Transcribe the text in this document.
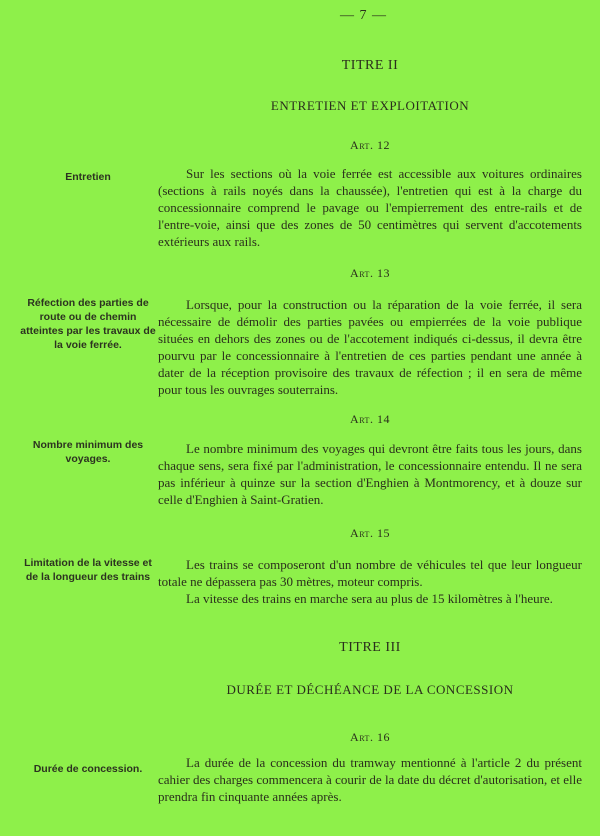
— 7 —
TITRE II
ENTRETIEN ET EXPLOITATION
Art. 12
Entretien	Sur les sections où la voie ferrée est accessible aux voitures ordinaires (sections à rails noyés dans la chaussée), l'entretien qui est à la charge du concessionnaire comprend le pavage ou l'empierrement des entre-rails et de l'entre-voie, ainsi que des zones de 50 centimètres qui servent d'accotements extérieurs aux rails.

Art. 13
Réfection des parties de route ou de chemin atteintes par les travaux de la voie ferrée.

Lorsque, pour la construction ou la réparation de la voie ferrée, il sera nécessaire de démolir des parties pavées ou empierrées de la voie publique situées en dehors des zones ou de l'accotement indiqués ci-dessus, il devra être pourvu par le concessionnaire à l'entretien de ces parties pendant une année à dater de la réception provisoire des travaux de réfection ; il en sera de même pour tous les ouvrages souterrains.

Art. 14
Nombre minimum des voyages.

Le nombre minimum des voyages qui devront être faits tous les jours, dans chaque sens, sera fixé par l'administration, le concessionnaire entendu. Il ne sera pas inférieur à quinze sur la section d'Enghien à Montmorency, et à douze sur celle d'Enghien à Saint-Gratien.

Art. 15
Limitation de la vitesse et de la longueur des trains

Les trains se composeront d'un nombre de véhicules tel que leur longueur totale ne dépassera pas 30 mètres, moteur compris.

La vitesse des trains en marche sera au plus de 15 kilomètres à l'heure.

TITRE III
DURÉE ET DÉCHÉANCE DE LA CONCESSION
Art. 16
Durée de concession.	La durée de la concession du tramway mentionné à l'article 2 du présent cahier des charges commencera à courir de la date du décret d'autorisation, et elle prendra fin cinquante années après.
